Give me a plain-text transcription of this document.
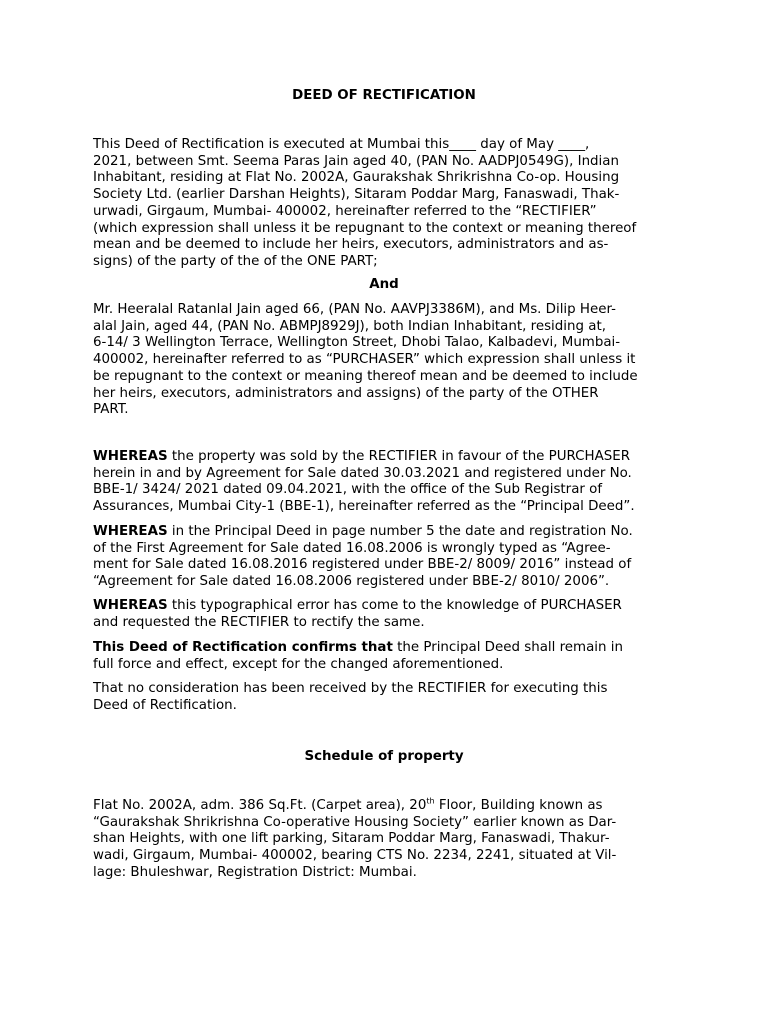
DEED OF RECTIFICATION

This Deed of Rectification is executed at Mumbai this____ day of May ____,
2021, between Smt. Seema Paras Jain aged 40, (PAN No. AADPJ0549G), Indian
Inhabitant, residing at Flat No. 2002A, Gaurakshak Shrikrishna Co-op. Housing
Society Ltd. (earlier Darshan Heights), Sitaram Poddar Marg, Fanaswadi, Thak-
urwadi, Girgaum, Mumbai- 400002, hereinafter referred to the “RECTIFIER”
(which expression shall unless it be repugnant to the context or meaning thereof
mean and be deemed to include her heirs, executors, administrators and as-
signs) of the party of the of the ONE PART;

And

Mr. Heeralal Ratanlal Jain aged 66, (PAN No. AAVPJ3386M), and Ms. Dilip Heer-
alal Jain, aged 44, (PAN No. ABMPJ8929J), both Indian Inhabitant, residing at,
6-14/ 3 Wellington Terrace, Wellington Street, Dhobi Talao, Kalbadevi, Mumbai-
400002, hereinafter referred to as “PURCHASER” which expression shall unless it
be repugnant to the context or meaning thereof mean and be deemed to include
her heirs, executors, administrators and assigns) of the party of the OTHER
PART.

WHEREAS the property was sold by the RECTIFIER in favour of the PURCHASER
herein in and by Agreement for Sale dated 30.03.2021 and registered under No.
BBE-1/ 3424/ 2021 dated 09.04.2021, with the office of the Sub Registrar of
Assurances, Mumbai City-1 (BBE-1), hereinafter referred as the “Principal Deed”.

WHEREAS in the Principal Deed in page number 5 the date and registration No.
of the First Agreement for Sale dated 16.08.2006 is wrongly typed as “Agree-
ment for Sale dated 16.08.2016 registered under BBE-2/ 8009/ 2016” instead of
“Agreement for Sale dated 16.08.2006 registered under BBE-2/ 8010/ 2006”.

WHEREAS this typographical error has come to the knowledge of PURCHASER
and requested the RECTIFIER to rectify the same.

This Deed of Rectification confirms that the Principal Deed shall remain in
full force and effect, except for the changed aforementioned.

That no consideration has been received by the RECTIFIER for executing this
Deed of Rectification.

Schedule of property

Flat No. 2002A, adm. 386 Sq.Ft. (Carpet area), 20th Floor, Building known as
“Gaurakshak Shrikrishna Co-operative Housing Society” earlier known as Dar-
shan Heights, with one lift parking, Sitaram Poddar Marg, Fanaswadi, Thakur-
wadi, Girgaum, Mumbai- 400002, bearing CTS No. 2234, 2241, situated at Vil-
lage: Bhuleshwar, Registration District: Mumbai.
